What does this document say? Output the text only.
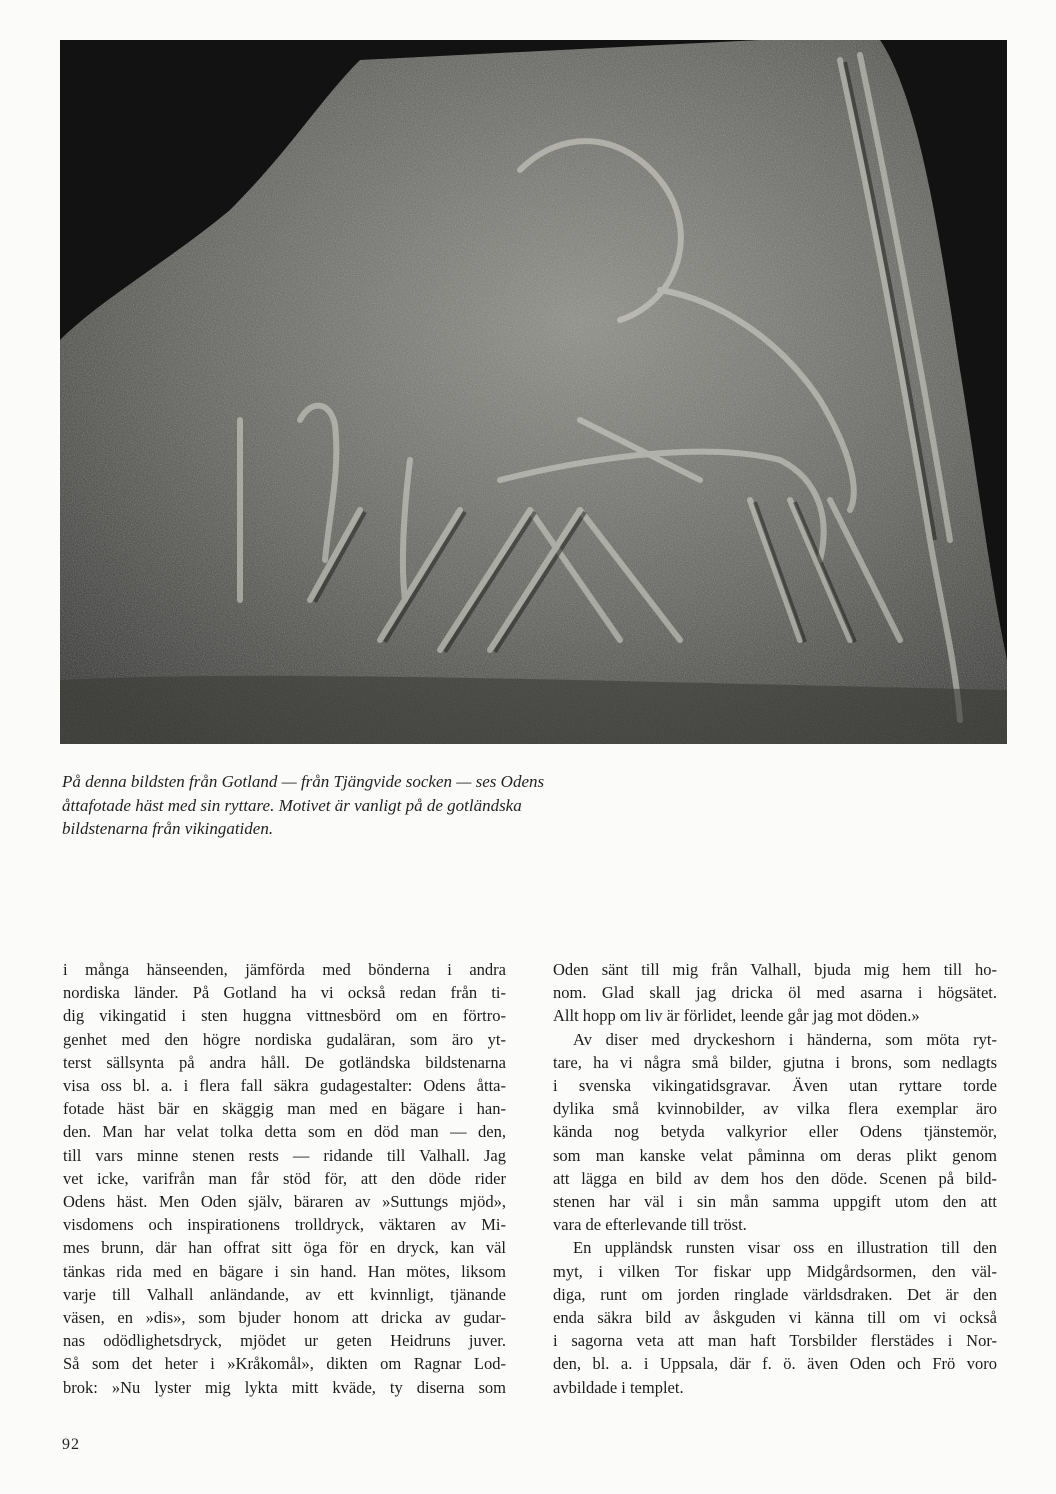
På denna bildsten från Gotland — från Tjängvide socken — ses Odens

åttafotade häst med sin ryttare. Motivet är vanligt på de gotländska

bildstenarna från vikingatiden.

i många hänseenden, jämförda med bönderna i andra
nordiska länder. På Gotland ha vi också redan från ti-
dig vikingatid i sten huggna vittnesbörd om en förtro-
genhet med den högre nordiska gudaläran, som äro yt-
terst sällsynta på andra håll. De gotländska bildstenarna
visa oss bl. a. i flera fall säkra gudagestalter: Odens åtta-
fotade häst bär en skäggig man med en bägare i han-
den. Man har velat tolka detta som en död man — den,
till vars minne stenen rests — ridande till Valhall. Jag
vet icke, varifrån man får stöd för, att den döde rider
Odens häst. Men Oden själv, bäraren av »Suttungs mjöd»,
visdomens och inspirationens trolldryck, väktaren av Mi-
mes brunn, där han offrat sitt öga för en dryck, kan väl
tänkas rida med en bägare i sin hand. Han mötes, liksom
varje till Valhall anländande, av ett kvinnligt, tjänande
väsen, en »dis», som bjuder honom att dricka av gudar-
nas odödlighetsdryck, mjödet ur geten Heidruns juver.
Så som det heter i »Kråkomål», dikten om Ragnar Lod-
brok: »Nu lyster mig lykta mitt kväde, ty diserna som
Oden sänt till mig från Valhall, bjuda mig hem till ho-
nom. Glad skall jag dricka öl med asarna i högsätet.
Allt hopp om liv är förlidet, leende går jag mot döden.»
Av diser med dryckeshorn i händerna, som möta ryt-
tare, ha vi några små bilder, gjutna i brons, som nedlagts
i svenska vikingatidsgravar. Även utan ryttare torde
dylika små kvinnobilder, av vilka flera exemplar äro
kända nog betyda valkyrior eller Odens tjänstemör,
som man kanske velat påminna om deras plikt genom
att lägga en bild av dem hos den döde. Scenen på bild-
stenen har väl i sin mån samma uppgift utom den att
vara de efterlevande till tröst.
En uppländsk runsten visar oss en illustration till den
myt, i vilken Tor fiskar upp Midgårdsormen, den väl-
diga, runt om jorden ringlade världsdraken. Det är den
enda säkra bild av åskguden vi känna till om vi också
i sagorna veta att man haft Torsbilder flerstädes i Nor-
den, bl. a. i Uppsala, där f. ö. även Oden och Frö voro
avbildade i templet.
92
